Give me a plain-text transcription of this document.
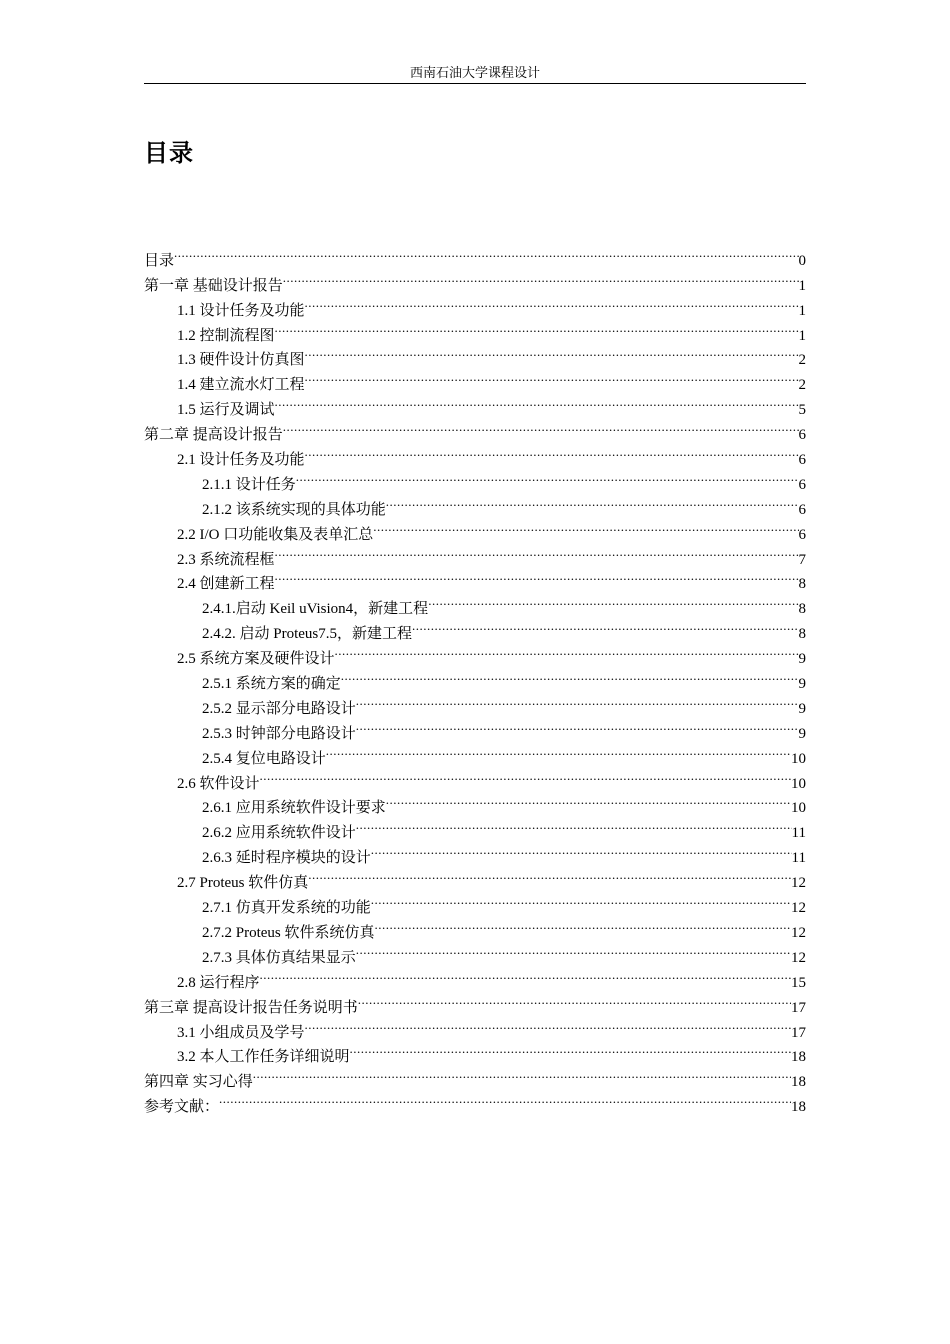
西南石油大学课程设计
目录
目录 .....	0
第一章 基础设计报告 .....	1
1.1 设计任务及功能 .....	1
1.2 控制流程图 .....	1
1.3 硬件设计仿真图 .....	2
1.4 建立流水灯工程 .....	2
1.5 运行及调试 .....	5
第二章 提高设计报告 .....	6
2.1 设计任务及功能 .....	6
2.1.1 设计任务 .....	6
2.1.2 该系统实现的具体功能 .....	6
2.2 I/O 口功能收集及表单汇总 .....	6
2.3 系统流程框 .....	7
2.4 创建新工程 .....	8
2.4.1.启动 Keil uVision4，新建工程 .....	8
2.4.2. 启动 Proteus7.5，新建工程 .....	8
2.5 系统方案及硬件设计 .....	9
2.5.1 系统方案的确定 .....	9
2.5.2 显示部分电路设计 .....	9
2.5.3 时钟部分电路设计 .....	9
2.5.4 复位电路设计 .....	10
2.6 软件设计 .....	10
2.6.1 应用系统软件设计要求 .....	10
2.6.2 应用系统软件设计 .....	11
2.6.3 延时程序模块的设计 .....	11
2.7 Proteus 软件仿真 .....	12
2.7.1 仿真开发系统的功能 .....	12
2.7.2 Proteus 软件系统仿真 .....	12
2.7.3 具体仿真结果显示 .....	12
2.8 运行程序 .....	15
第三章 提高设计报告任务说明书 .....	17
3.1 小组成员及学号 .....	17
3.2 本人工作任务详细说明 .....	18
第四章 实习心得 .....	18
参考文献： .....	18
